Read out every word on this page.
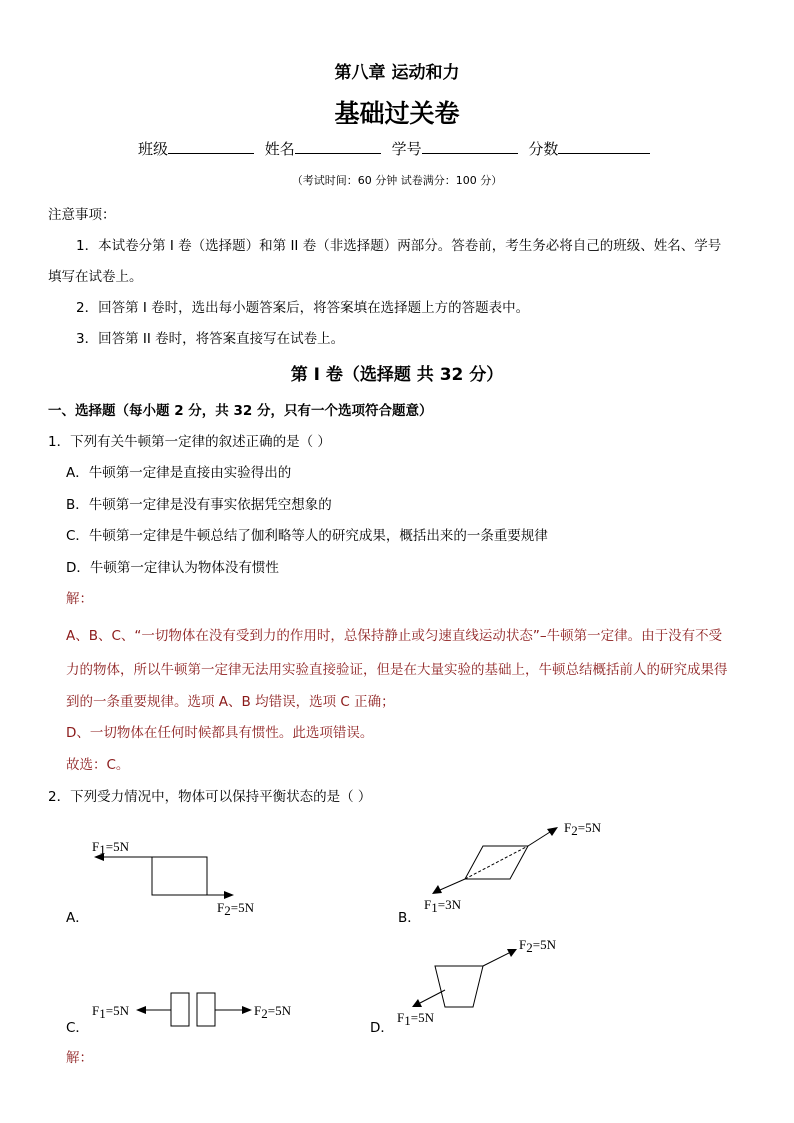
第八章 运动和力
基础过关卷
班级	姓名	学号	分数
（考试时间：60 分钟 试卷满分：100 分）
注意事项：
1．本试卷分第 I 卷（选择题）和第 II 卷（非选择题）两部分。答卷前，考生务必将自己的班级、姓名、学号
填写在试卷上。
2．回答第 I 卷时，选出每小题答案后，将答案填在选择题上方的答题表中。
3．回答第 II 卷时，将答案直接写在试卷上。
第 I 卷（选择题 共 32 分）
一、选择题（每小题 2 分，共 32 分，只有一个选项符合题意）
1．下列有关牛顿第一定律的叙述正确的是（ ）
A．牛顿第一定律是直接由实验得出的
B．牛顿第一定律是没有事实依据凭空想象的
C．牛顿第一定律是牛顿总结了伽利略等人的研究成果，概括出来的一条重要规律
D．牛顿第一定律认为物体没有惯性
解：
A、B、C、“一切物体在没有受到力的作用时，总保持静止或匀速直线运动状态”–牛顿第一定律。由于没有不受
力的物体，所以牛顿第一定律无法用实验直接验证，但是在大量实验的基础上，牛顿总结概括前人的研究成果得
到的一条重要规律。选项 A、B 均错误，选项 C 正确；
D、一切物体在任何时候都具有惯性。此选项错误。
故选：C。
2．下列受力情况中，物体可以保持平衡状态的是（ ）
A．
F1=5N
F2=5N
B．
F2=5N
F1=3N
C．
F1=5N	F2=5N
D．
F2=5N
F1=5N
解：
